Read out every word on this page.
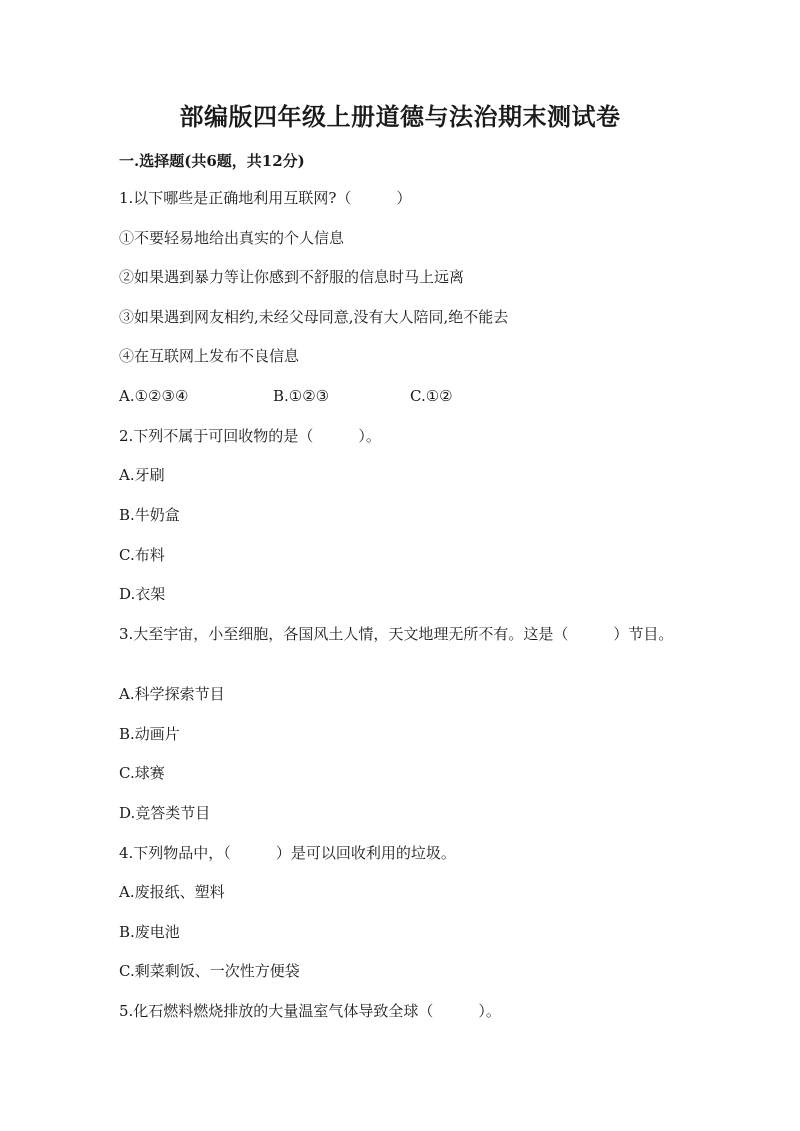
部编版四年级上册道德与法治期末测试卷
一.选择题(共6题，共12分)
1.以下哪些是正确地利用互联网?（　　　）
①不要轻易地给出真实的个人信息
②如果遇到暴力等让你感到不舒服的信息时马上远离
③如果遇到网友相约,未经父母同意,没有大人陪同,绝不能去
④在互联网上发布不良信息
A.①②③④	B.①②③	C.①②
2.下列不属于可回收物的是（　　　）。
A.牙刷
B.牛奶盒
C.布料
D.衣架
3.大至宇宙，小至细胞，各国风土人情，天文地理无所不有。这是（　　　）节目。
A.科学探索节目
B.动画片
C.球赛
D.竞答类节目
4.下列物品中，（　　　）是可以回收利用的垃圾。
A.废报纸、塑料
B.废电池
C.剩菜剩饭、一次性方便袋
5.化石燃料燃烧排放的大量温室气体导致全球（　　　）。
